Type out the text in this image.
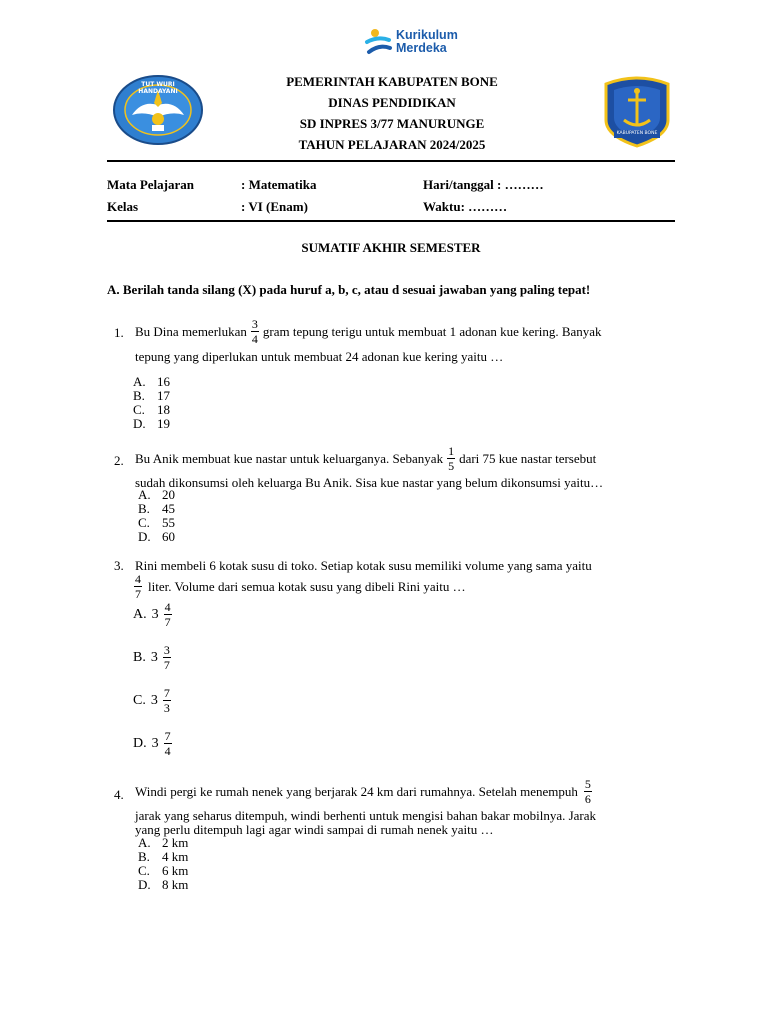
Kurikulum
Merdeka
TUT WURI HANDAYANI
KABUPATEN BONE
PEMERINTAH KABUPATEN BONE
DINAS PENDIDIKAN
SD INPRES 3/77 MANURUNGE
TAHUN PELAJARAN 2024/2025
Mata Pelajaran	: Matematika	Hari/tanggal : ………
Kelas	: VI (Enam)	Waktu: ………
SUMATIF AKHIR SEMESTER
A. Berilah tanda silang (X) pada huruf a, b, c, atau d sesuai jawaban yang paling tepat!
1. Bu Dina memerlukan $\frac{3}{4}$ gram tepung terigu untuk membuat 1 adonan kue kering. Banyak
tepung yang diperlukan untuk membuat 24 adonan kue kering yaitu …
A. 16
B. 17
C. 18
D. 19
2. Bu Anik membuat kue nastar untuk keluarganya. Sebanyak $\frac{1}{5}$ dari 75 kue nastar tersebut
sudah dikonsumsi oleh keluarga Bu Anik. Sisa kue nastar yang belum dikonsumsi yaitu…
A. 20
B. 45
C. 55
D. 60
3. Rini membeli 6 kotak susu di toko. Setiap kotak susu memiliki volume yang sama yaitu
$\frac{4}{7}$ liter. Volume dari semua kotak susu yang dibeli Rini yaitu …
A. $3 \frac{4}{7}$
B. $3 \frac{3}{7}$
C. $3 \frac{7}{3}$
D. $3 \frac{7}{4}$
4. Windi pergi ke rumah nenek yang berjarak 24 km dari rumahnya. Setelah menempuh $\frac{5}{6}$
jarak yang seharus ditempuh, windi berhenti untuk mengisi bahan bakar mobilnya. Jarak
yang perlu ditempuh lagi agar windi sampai di rumah nenek yaitu …
A. 2 km
B. 4 km
C. 6 km
D. 8 km
